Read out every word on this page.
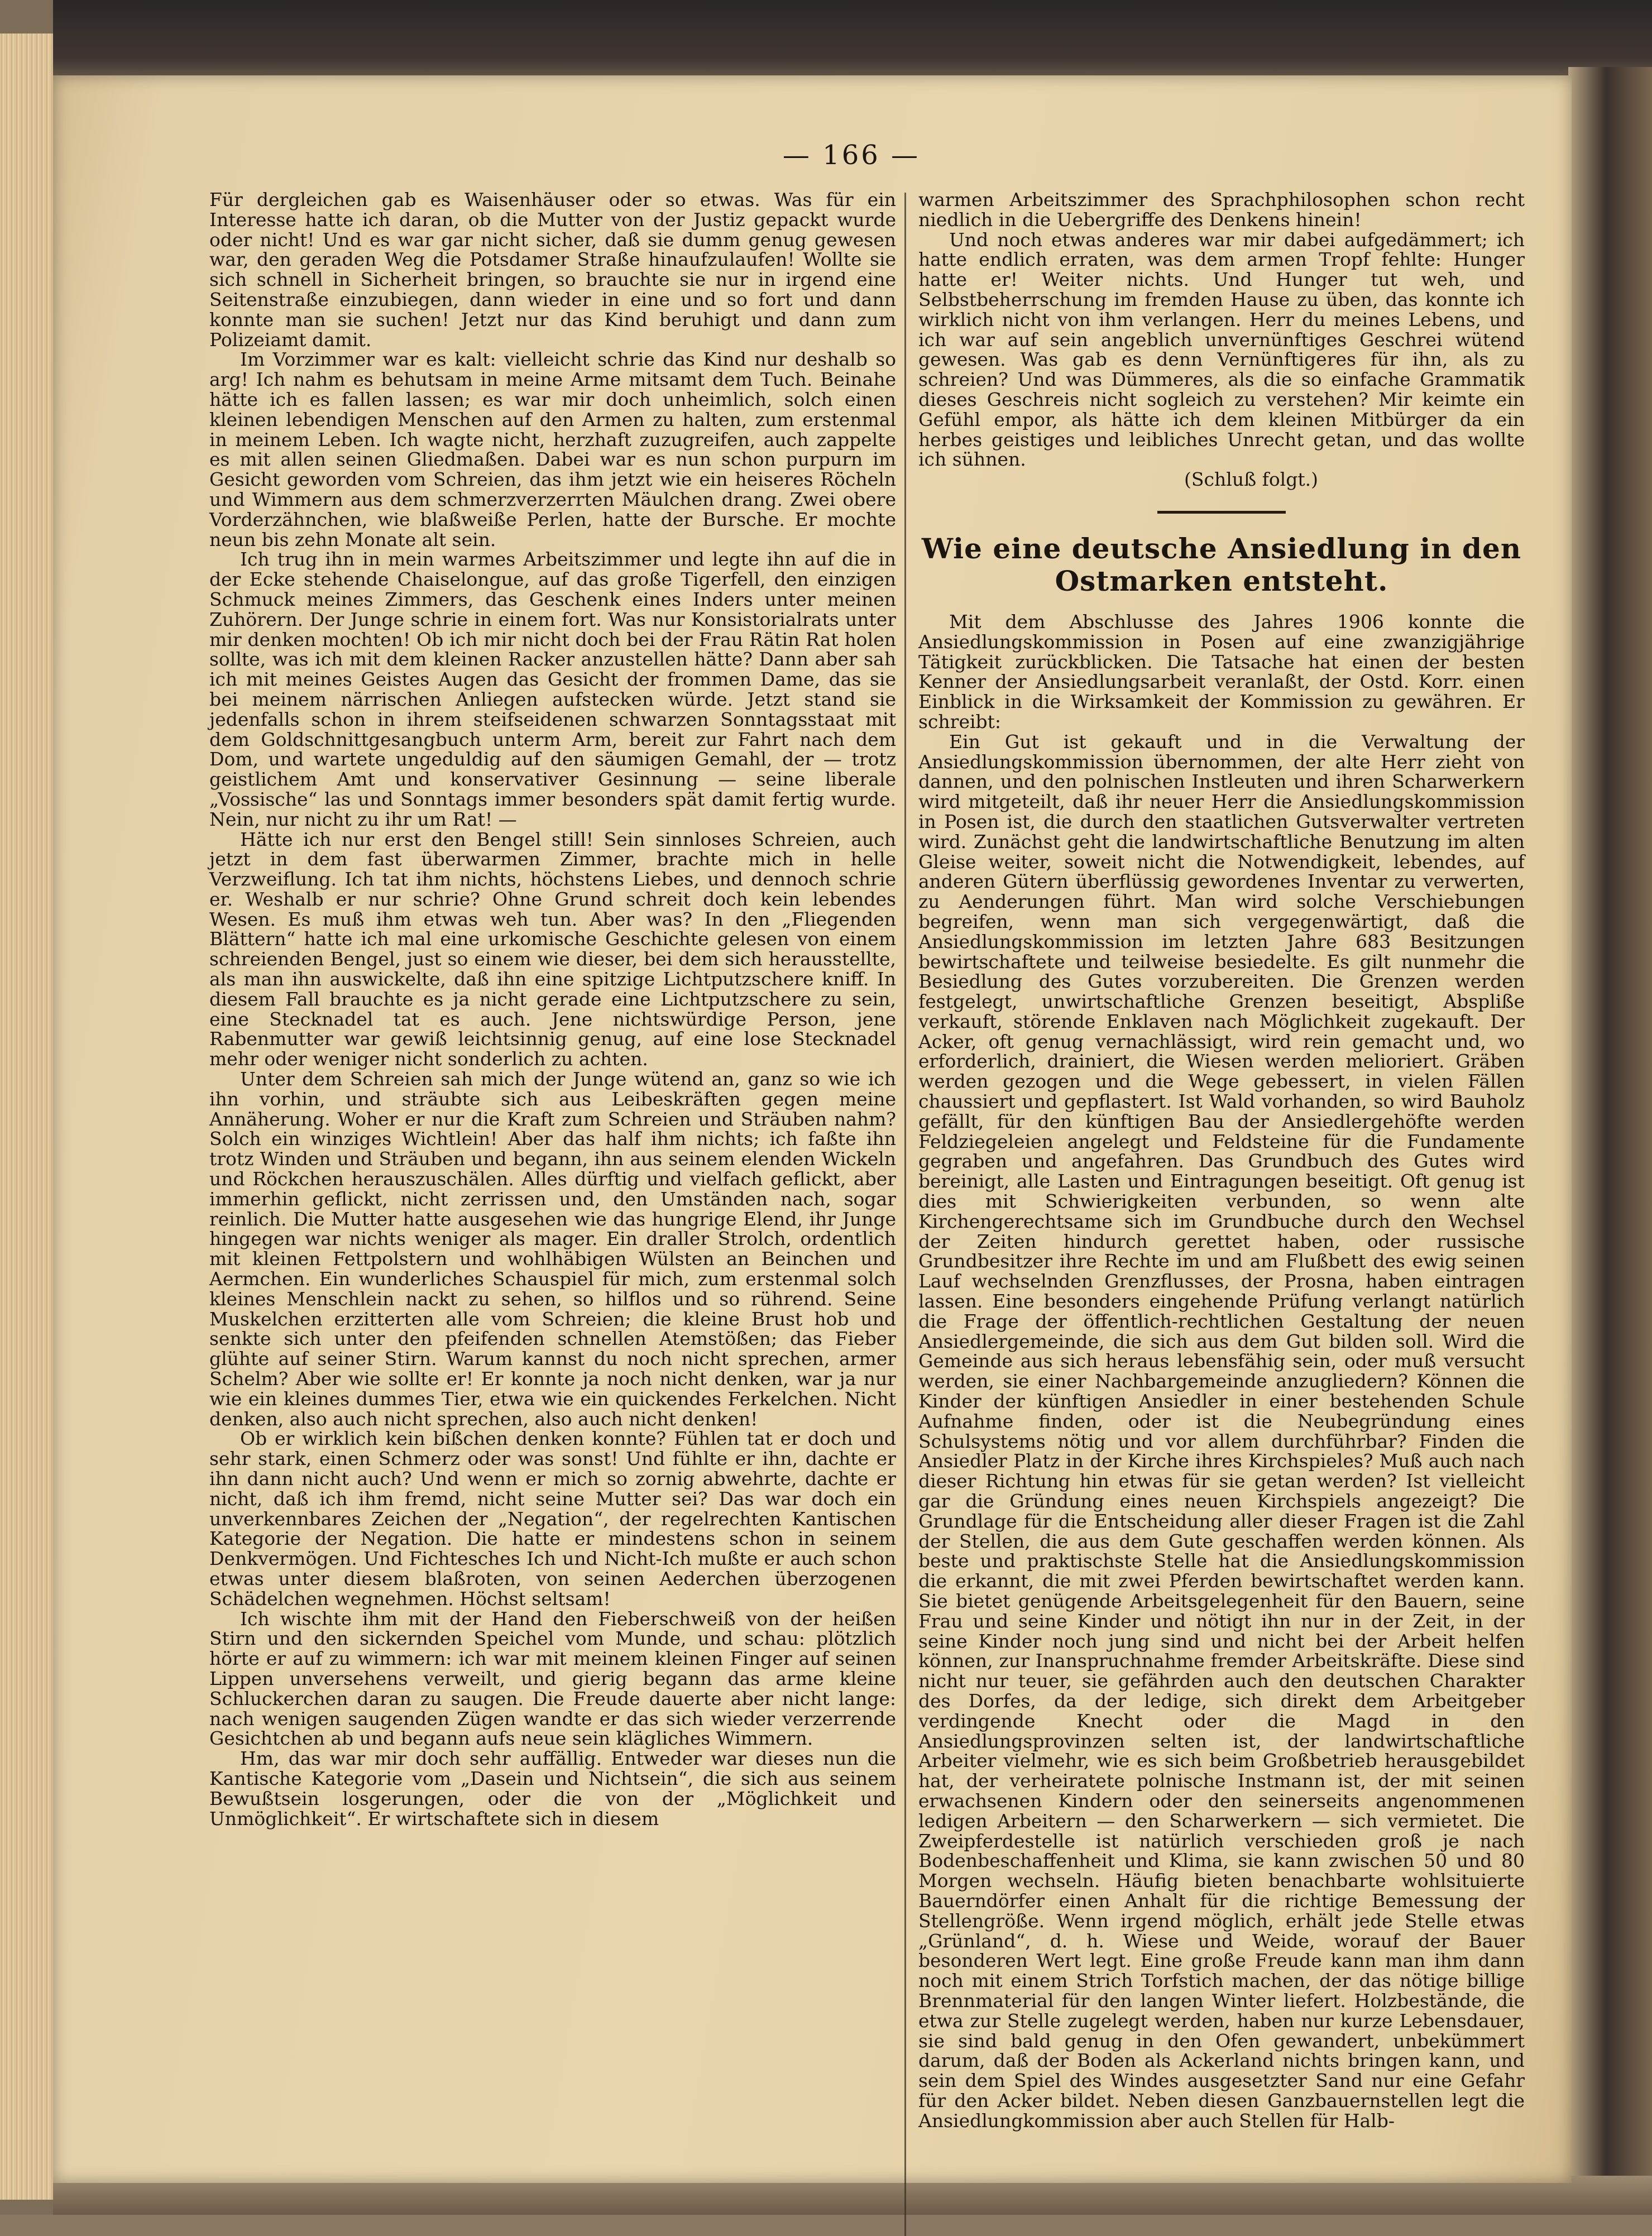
— 166 —

Für dergleichen gab es Waisenhäuser oder so etwas. Was für ein Interesse hatte ich daran, ob die Mutter von der Justiz gepackt wurde oder nicht! Und es war gar nicht sicher, daß sie dumm genug gewesen war, den geraden Weg die Potsdamer Straße hinaufzulaufen! Wollte sie sich schnell in Sicherheit bringen, so brauchte sie nur in irgend eine Seitenstraße einzubiegen, dann wieder in eine und so fort und dann konnte man sie suchen! Jetzt nur das Kind beruhigt und dann zum Polizeiamt damit.

Im Vorzimmer war es kalt: vielleicht schrie das Kind nur deshalb so arg! Ich nahm es behutsam in meine Arme mitsamt dem Tuch. Beinahe hätte ich es fallen lassen; es war mir doch unheimlich, solch einen kleinen lebendigen Menschen auf den Armen zu halten, zum erstenmal in meinem Leben. Ich wagte nicht, herzhaft zuzugreifen, auch zappelte es mit allen seinen Gliedmaßen. Dabei war es nun schon purpurn im Gesicht geworden vom Schreien, das ihm jetzt wie ein heiseres Röcheln und Wimmern aus dem schmerzverzerrten Mäulchen drang. Zwei obere Vorderzähnchen, wie blaßweiße Perlen, hatte der Bursche. Er mochte neun bis zehn Monate alt sein.

Ich trug ihn in mein warmes Arbeitszimmer und legte ihn auf die in der Ecke stehende Chaiselongue, auf das große Tigerfell, den einzigen Schmuck meines Zimmers, das Geschenk eines Inders unter meinen Zuhörern. Der Junge schrie in einem fort. Was nur Konsistorialrats unter mir denken mochten! Ob ich mir nicht doch bei der Frau Rätin Rat holen sollte, was ich mit dem kleinen Racker anzustellen hätte? Dann aber sah ich mit meines Geistes Augen das Gesicht der frommen Dame, das sie bei meinem närrischen Anliegen aufstecken würde. Jetzt stand sie jedenfalls schon in ihrem steifseidenen schwarzen Sonntagsstaat mit dem Goldschnittgesangbuch unterm Arm, bereit zur Fahrt nach dem Dom, und wartete ungeduldig auf den säumigen Gemahl, der — trotz geistlichem Amt und konservativer Gesinnung — seine liberale „Vossische“ las und Sonntags immer besonders spät damit fertig wurde. Nein, nur nicht zu ihr um Rat! —

Hätte ich nur erst den Bengel still! Sein sinnloses Schreien, auch jetzt in dem fast überwarmen Zimmer, brachte mich in helle Verzweiflung. Ich tat ihm nichts, höchstens Liebes, und dennoch schrie er. Weshalb er nur schrie? Ohne Grund schreit doch kein lebendes Wesen. Es muß ihm etwas weh tun. Aber was? In den „Fliegenden Blättern“ hatte ich mal eine urkomische Geschichte gelesen von einem schreienden Bengel, just so einem wie dieser, bei dem sich herausstellte, als man ihn auswickelte, daß ihn eine spitzige Lichtputzschere kniff. In diesem Fall brauchte es ja nicht gerade eine Lichtputzschere zu sein, eine Stecknadel tat es auch. Jene nichtswürdige Person, jene Rabenmutter war gewiß leichtsinnig genug, auf eine lose Stecknadel mehr oder weniger nicht sonderlich zu achten.

Unter dem Schreien sah mich der Junge wütend an, ganz so wie ich ihn vorhin, und sträubte sich aus Leibeskräften gegen meine Annäherung. Woher er nur die Kraft zum Schreien und Sträuben nahm? Solch ein winziges Wichtlein! Aber das half ihm nichts; ich faßte ihn trotz Winden und Sträuben und begann, ihn aus seinem elenden Wickeln und Röckchen herauszuschälen. Alles dürftig und vielfach geflickt, aber immerhin geflickt, nicht zerrissen und, den Umständen nach, sogar reinlich. Die Mutter hatte ausgesehen wie das hungrige Elend, ihr Junge hingegen war nichts weniger als mager. Ein draller Strolch, ordentlich mit kleinen Fettpolstern und wohlhäbigen Wülsten an Beinchen und Aermchen. Ein wunderliches Schauspiel für mich, zum erstenmal solch kleines Menschlein nackt zu sehen, so hilflos und so rührend. Seine Muskelchen erzitterten alle vom Schreien; die kleine Brust hob und senkte sich unter den pfeifenden schnellen Atemstößen; das Fieber glühte auf seiner Stirn. Warum kannst du noch nicht sprechen, armer Schelm? Aber wie sollte er! Er konnte ja noch nicht denken, war ja nur wie ein kleines dummes Tier, etwa wie ein quickendes Ferkelchen. Nicht denken, also auch nicht sprechen, also auch nicht denken!

Ob er wirklich kein bißchen denken konnte? Fühlen tat er doch und sehr stark, einen Schmerz oder was sonst! Und fühlte er ihn, dachte er ihn dann nicht auch? Und wenn er mich so zornig abwehrte, dachte er nicht, daß ich ihm fremd, nicht seine Mutter sei? Das war doch ein unverkennbares Zeichen der „Negation“, der regelrechten Kantischen Kategorie der Negation. Die hatte er mindestens schon in seinem Denkvermögen. Und Fichtesches Ich und Nicht-Ich mußte er auch schon etwas unter diesem blaßroten, von seinen Aederchen überzogenen Schädelchen wegnehmen. Höchst seltsam!

Ich wischte ihm mit der Hand den Fieberschweiß von der heißen Stirn und den sickernden Speichel vom Munde, und schau: plötzlich hörte er auf zu wimmern: ich war mit meinem kleinen Finger auf seinen Lippen unversehens verweilt, und gierig begann das arme kleine Schluckerchen daran zu saugen. Die Freude dauerte aber nicht lange: nach wenigen saugenden Zügen wandte er das sich wieder verzerrende Gesichtchen ab und begann aufs neue sein klägliches Wimmern.

Hm, das war mir doch sehr auffällig. Entweder war dieses nun die Kantische Kategorie vom „Dasein und Nichtsein“, die sich aus seinem Bewußtsein losgerungen, oder die von der „Möglichkeit und Unmöglichkeit“. Er wirtschaftete sich in diesem

warmen Arbeitszimmer des Sprachphilosophen schon recht niedlich in die Uebergriffe des Denkens hinein!

Und noch etwas anderes war mir dabei aufgedämmert; ich hatte endlich erraten, was dem armen Tropf fehlte: Hunger hatte er! Weiter nichts. Und Hunger tut weh, und Selbstbeherrschung im fremden Hause zu üben, das konnte ich wirklich nicht von ihm verlangen. Herr du meines Lebens, und ich war auf sein angeblich unvernünftiges Geschrei wütend gewesen. Was gab es denn Vernünftigeres für ihn, als zu schreien? Und was Dümmeres, als die so einfache Grammatik dieses Geschreis nicht sogleich zu verstehen? Mir keimte ein Gefühl empor, als hätte ich dem kleinen Mitbürger da ein herbes geistiges und leibliches Unrecht getan, und das wollte ich sühnen.

(Schluß folgt.)

Wie eine deutsche Ansiedlung in den Ostmarken entsteht.

Mit dem Abschlusse des Jahres 1906 konnte die Ansiedlungskommission in Posen auf eine zwanzigjährige Tätigkeit zurückblicken. Die Tatsache hat einen der besten Kenner der Ansiedlungsarbeit veranlaßt, der Ostd. Korr. einen Einblick in die Wirksamkeit der Kommission zu gewähren. Er schreibt:

Ein Gut ist gekauft und in die Verwaltung der Ansiedlungskommission übernommen, der alte Herr zieht von dannen, und den polnischen Instleuten und ihren Scharwerkern wird mitgeteilt, daß ihr neuer Herr die Ansiedlungskommission in Posen ist, die durch den staatlichen Gutsverwalter vertreten wird. Zunächst geht die landwirtschaftliche Benutzung im alten Gleise weiter, soweit nicht die Notwendigkeit, lebendes, auf anderen Gütern überflüssig gewordenes Inventar zu verwerten, zu Aenderungen führt. Man wird solche Verschiebungen begreifen, wenn man sich vergegenwärtigt, daß die Ansiedlungskommission im letzten Jahre 683 Besitzungen bewirtschaftete und teilweise besiedelte. Es gilt nunmehr die Besiedlung des Gutes vorzubereiten. Die Grenzen werden festgelegt, unwirtschaftliche Grenzen beseitigt, Abspliße verkauft, störende Enklaven nach Möglichkeit zugekauft. Der Acker, oft genug vernachlässigt, wird rein gemacht und, wo erforderlich, drainiert, die Wiesen werden melioriert. Gräben werden gezogen und die Wege gebessert, in vielen Fällen chaussiert und gepflastert. Ist Wald vorhanden, so wird Bauholz gefällt, für den künftigen Bau der Ansiedlergehöfte werden Feldziegeleien angelegt und Feldsteine für die Fundamente gegraben und angefahren. Das Grundbuch des Gutes wird bereinigt, alle Lasten und Eintragungen beseitigt. Oft genug ist dies mit Schwierigkeiten verbunden, so wenn alte Kirchengerechtsame sich im Grundbuche durch den Wechsel der Zeiten hindurch gerettet haben, oder russische Grundbesitzer ihre Rechte im und am Flußbett des ewig seinen Lauf wechselnden Grenzflusses, der Prosna, haben eintragen lassen. Eine besonders eingehende Prüfung verlangt natürlich die Frage der öffentlich-rechtlichen Gestaltung der neuen Ansiedlergemeinde, die sich aus dem Gut bilden soll. Wird die Gemeinde aus sich heraus lebensfähig sein, oder muß versucht werden, sie einer Nachbargemeinde anzugliedern? Können die Kinder der künftigen Ansiedler in einer bestehenden Schule Aufnahme finden, oder ist die Neubegründung eines Schulsystems nötig und vor allem durchführbar? Finden die Ansiedler Platz in der Kirche ihres Kirchspieles? Muß auch nach dieser Richtung hin etwas für sie getan werden? Ist vielleicht gar die Gründung eines neuen Kirchspiels angezeigt? Die Grundlage für die Entscheidung aller dieser Fragen ist die Zahl der Stellen, die aus dem Gute geschaffen werden können. Als beste und praktischste Stelle hat die Ansiedlungskommission die erkannt, die mit zwei Pferden bewirtschaftet werden kann. Sie bietet genügende Arbeitsgelegenheit für den Bauern, seine Frau und seine Kinder und nötigt ihn nur in der Zeit, in der seine Kinder noch jung sind und nicht bei der Arbeit helfen können, zur Inanspruchnahme fremder Arbeitskräfte. Diese sind nicht nur teuer, sie gefährden auch den deutschen Charakter des Dorfes, da der ledige, sich direkt dem Arbeitgeber verdingende Knecht oder die Magd in den Ansiedlungsprovinzen selten ist, der landwirtschaftliche Arbeiter vielmehr, wie es sich beim Großbetrieb herausgebildet hat, der verheiratete polnische Instmann ist, der mit seinen erwachsenen Kindern oder den seinerseits angenommenen ledigen Arbeitern — den Scharwerkern — sich vermietet. Die Zweipferdestelle ist natürlich verschieden groß je nach Bodenbeschaffenheit und Klima, sie kann zwischen 50 und 80 Morgen wechseln. Häufig bieten benachbarte wohlsituierte Bauerndörfer einen Anhalt für die richtige Bemessung der Stellengröße. Wenn irgend möglich, erhält jede Stelle etwas „Grünland“, d. h. Wiese und Weide, worauf der Bauer besonderen Wert legt. Eine große Freude kann man ihm dann noch mit einem Strich Torfstich machen, der das nötige billige Brennmaterial für den langen Winter liefert. Holzbestände, die etwa zur Stelle zugelegt werden, haben nur kurze Lebensdauer, sie sind bald genug in den Ofen gewandert, unbekümmert darum, daß der Boden als Ackerland nichts bringen kann, und sein dem Spiel des Windes ausgesetzter Sand nur eine Gefahr für den Acker bildet. Neben diesen Ganzbauernstellen legt die Ansiedlungkommission aber auch Stellen für Halb-
